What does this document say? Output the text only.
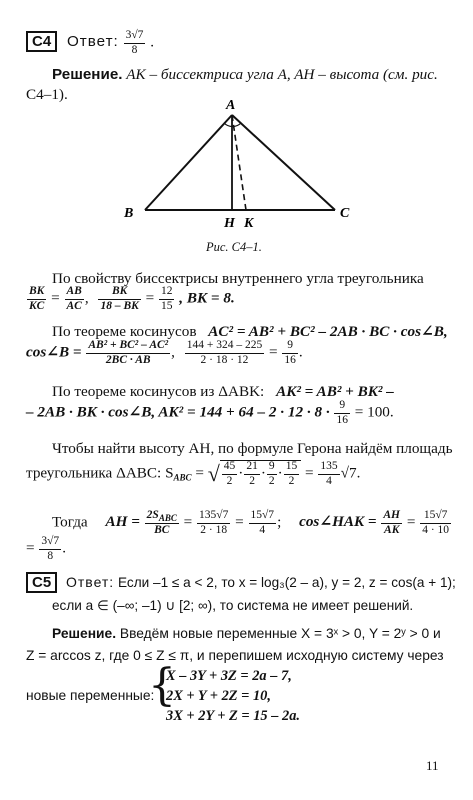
C4 Ответ: $\frac{3√7}{8}$ .
Решение. AK – биссектриса угла A, AH – высота (см. рис.
C4–1).
A
B	C
H K
Рис. C4–1.
По свойству биссектрисы внутреннего угла треугольника
$\frac{BK}{KC} = \frac{AB}{AC}$ , $\frac{BK}{18 - BK} = \frac{12}{15}$ , BK = 8.
По теореме косинусов AC² = AB² + BC² – 2AB · BC · cos∠B,
cos∠B = $\frac{\text{AB² + BC² – AC²}}{2BC \cdot AB}$ , $\frac{144 + 324 - 225}{2 \cdot 18 \cdot 12} = \frac{9}{16}$ .
По теореме косинусов из ΔABK: AK² = AB² + BK² –
– 2AB · BK · cos∠B, $AK^2 = 144 + 64 - 2 \cdot 12 \cdot 8 \cdot \frac{9}{16} = 100$.
Чтобы найти высоту AH, по формуле Герона найдём площадь
треугольника ΔABC: $S_{ABC}$ = √ $\frac{45}{2} \cdot \frac{21}{2} \cdot \frac{9}{2} \cdot \frac{15}{2} = \frac{135}{4} √7$.
Тогда AH = $\frac{2S_{ABC}}{BC} = \frac{135√7}{2 \cdot 18} = \frac{15√7}{4}$ ; cos∠HAK = $\frac{AH}{AK} = \frac{15√7}{4 \cdot 10}$
= $\frac{3√7}{8}$ .
C5 Ответ: Если –1 ≤ a < 2, то x = log₃(2 – a), y = 2, z = cos(a + 1);
если a ∈ (–∞; –1) ∪ [2; ∞), то система не имеет решений.
Решение. Введём новые переменные X = 3ˣ > 0, Y = 2ʸ > 0 и
Z = arccos z, где 0 ≤ Z ≤ π, и перепишем исходную систему через
новые переменные:
{
X – 3Y + 3Z = 2a – 7,
2X + Y + 2Z = 10,
3X + 2Y + Z = 15 – 2a.
11
